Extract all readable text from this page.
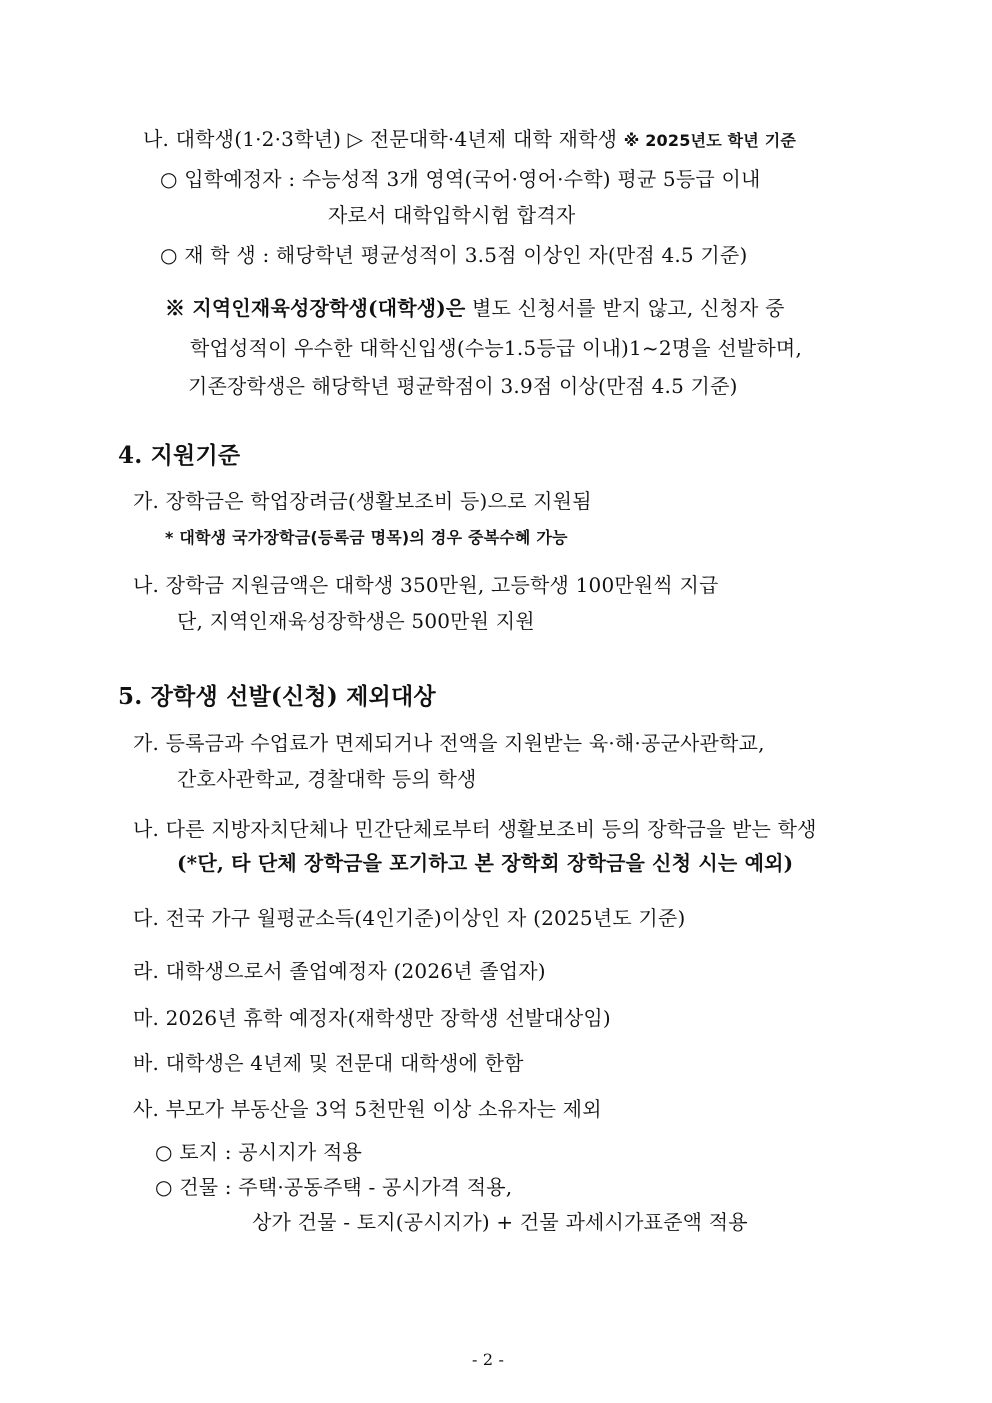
나. 대학생(1·2·3학년) ▷ 전문대학·4년제 대학 재학생 ※ 2025년도 학년 기준
○ 입학예정자 : 수능성적 3개 영역(국어·영어·수학) 평균 5등급 이내
자로서 대학입학시험 합격자
○ 재 학 생 : 해당학년 평균성적이 3.5점 이상인 자(만점 4.5 기준)
※ 지역인재육성장학생(대학생)은 별도 신청서를 받지 않고, 신청자 중
학업성적이 우수한 대학신입생(수능1.5등급 이내)1~2명을 선발하며,
기존장학생은 해당학년 평균학점이 3.9점 이상(만점 4.5 기준)
4. 지원기준
가. 장학금은 학업장려금(생활보조비 등)으로 지원됨
* 대학생 국가장학금(등록금 명목)의 경우 중복수혜 가능
나. 장학금 지원금액은 대학생 350만원, 고등학생 100만원씩 지급
단, 지역인재육성장학생은 500만원 지원
5. 장학생 선발(신청) 제외대상
가. 등록금과 수업료가 면제되거나 전액을 지원받는 육·해·공군사관학교,
간호사관학교, 경찰대학 등의 학생
나. 다른 지방자치단체나 민간단체로부터 생활보조비 등의 장학금을 받는 학생
(*단, 타 단체 장학금을 포기하고 본 장학회 장학금을 신청 시는 예외)
다. 전국 가구 월평균소득(4인기준)이상인 자 (2025년도 기준)
라. 대학생으로서 졸업예정자 (2026년 졸업자)
마. 2026년 휴학 예정자(재학생만 장학생 선발대상임)
바. 대학생은 4년제 및 전문대 대학생에 한함
사. 부모가 부동산을 3억 5천만원 이상 소유자는 제외
○ 토지 : 공시지가 적용
○ 건물 : 주택·공동주택 - 공시가격 적용,
상가 건물 - 토지(공시지가) + 건물 과세시가표준액 적용
- 2 -
